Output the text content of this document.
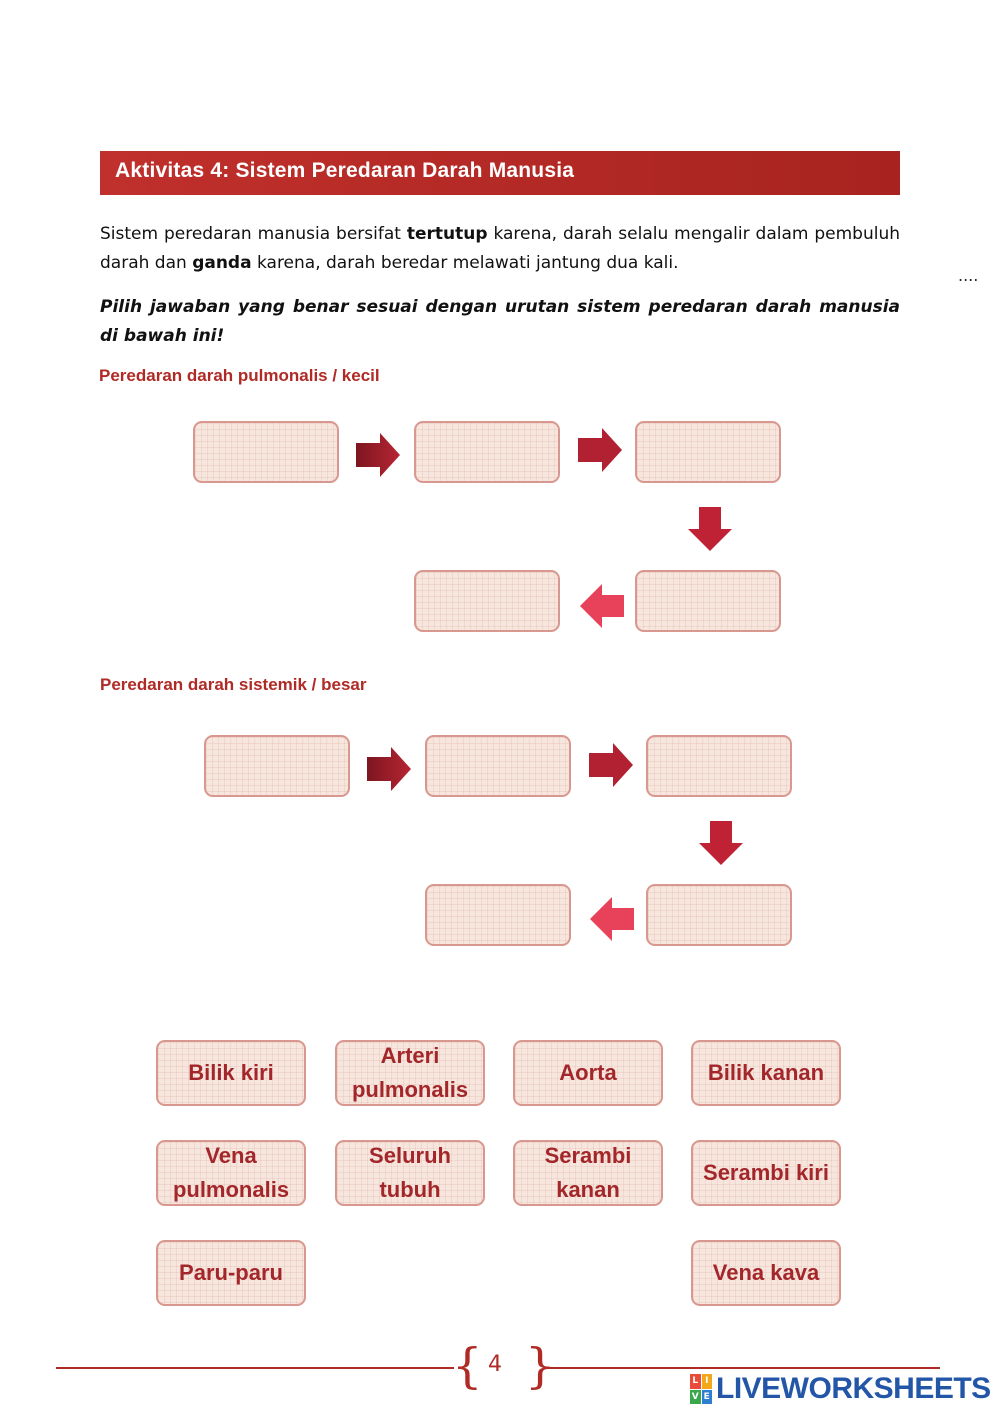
Aktivitas 4: Sistem Peredaran Darah Manusia
Sistem peredaran manusia bersifat tertutup karena, darah selalu mengalir dalam pembuluh darah dan ganda karena, darah beredar melawati jantung dua kali.
....
Pilih jawaban yang benar sesuai dengan urutan sistem peredaran darah manusia di bawah ini!
Peredaran darah pulmonalis / kecil
Peredaran darah sistemik / besar
Bilik kiri
Arteri pulmonalis
Aorta	Bilik kanan
Vena pulmonalis
Seluruh tubuh
Serambi kanan
Serambi kiri
Paru-paru	Vena kava
{ }
4
L I
V E LIVEWORKSHEETS
